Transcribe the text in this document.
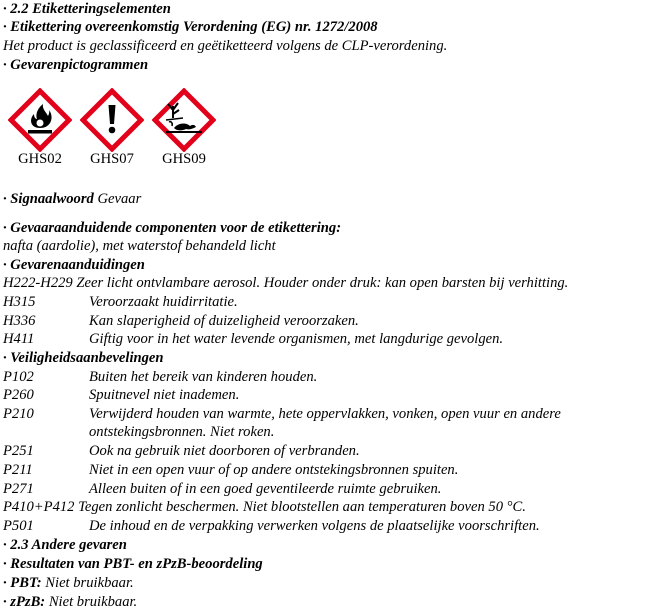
· 2.2 Etiketteringselementen
· Etikettering overeenkomstig Verordening (EG) nr. 1272/2008
Het product is geclassificeerd en geëtiketteerd volgens de CLP-verordening.
· Gevarenpictogrammen
GHS02	GHS07	GHS09
· Signaalwoord Gevaar
· Gevaaraanduidende componenten voor de etikettering:
nafta (aardolie), met waterstof behandeld licht
· Gevarenaanduidingen
H222-H229 Zeer licht ontvlambare aerosol. Houder onder druk: kan open barsten bij verhitting.
H315	Veroorzaakt huidirritatie.
H336	Kan slaperigheid of duizeligheid veroorzaken.
H411	Giftig voor in het water levende organismen, met langdurige gevolgen.
· Veiligheidsaanbevelingen
P102	Buiten het bereik van kinderen houden.
P260	Spuitnevel niet inademen.
P210	Verwijderd houden van warmte, hete oppervlakken, vonken, open vuur en andere
ontstekingsbronnen. Niet roken.
P251	Ook na gebruik niet doorboren of verbranden.
P211	Niet in een open vuur of op andere ontstekingsbronnen spuiten.
P271	Alleen buiten of in een goed geventileerde ruimte gebruiken.
P410+P412 Tegen zonlicht beschermen. Niet blootstellen aan temperaturen boven 50 °C.
P501	De inhoud en de verpakking verwerken volgens de plaatselijke voorschriften.
· 2.3 Andere gevaren
· Resultaten van PBT- en zPzB-beoordeling
· PBT: Niet bruikbaar.
· zPzB: Niet bruikbaar.
